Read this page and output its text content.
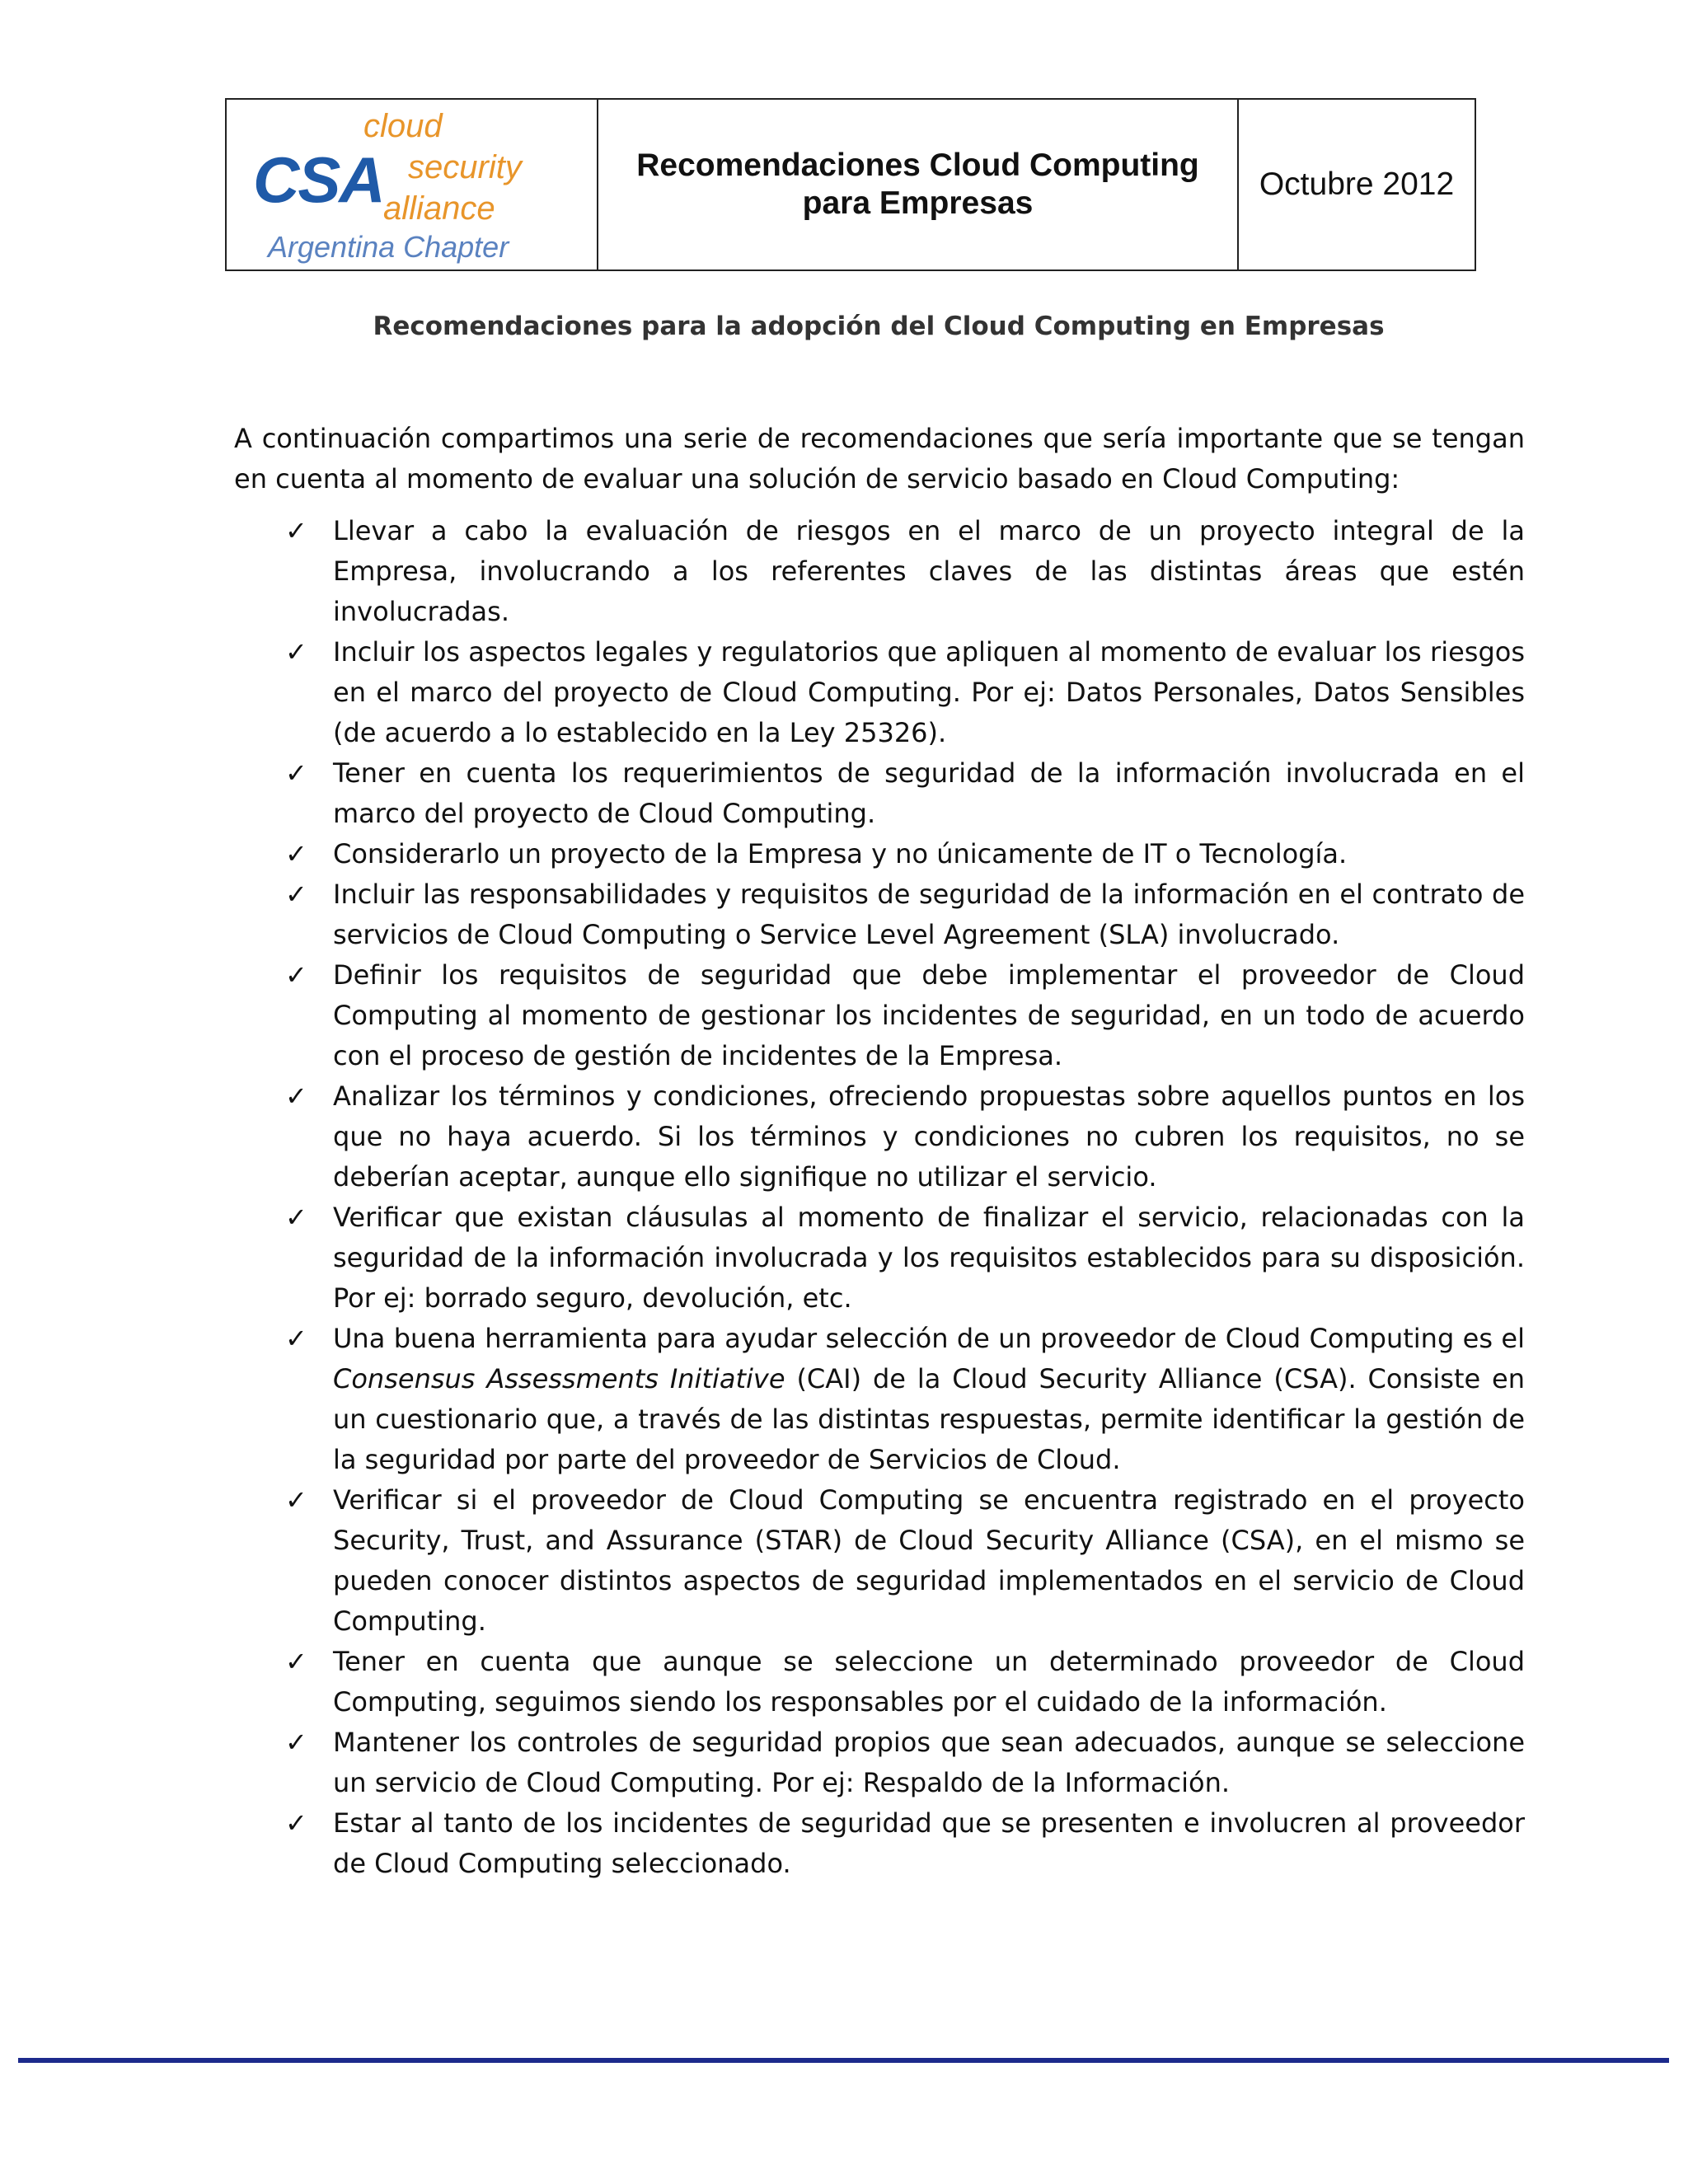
CSA
cloud
security
alliance
Argentina Chapter
Recomendaciones Cloud Computing
para Empresas
Octubre 2012
Recomendaciones para la adopción del Cloud Computing en Empresas

A continuación compartimos una serie de recomendaciones que sería importante que se tengan en cuenta al momento de evaluar una solución de servicio basado en Cloud Computing:

✓ Llevar a cabo la evaluación de riesgos en el marco de un proyecto integral de la Empresa, involucrando a los referentes claves de las distintas áreas que estén involucradas.
✓ Incluir los aspectos legales y regulatorios que apliquen al momento de evaluar los riesgos en el marco del proyecto de Cloud Computing. Por ej: Datos Personales, Datos Sensibles (de acuerdo a lo establecido en la Ley 25326).
✓ Tener en cuenta los requerimientos de seguridad de la información involucrada en el marco del proyecto de Cloud Computing.
✓ Considerarlo un proyecto de la Empresa y no únicamente de IT o Tecnología.
✓ Incluir las responsabilidades y requisitos de seguridad de la información en el contrato de servicios de Cloud Computing o Service Level Agreement (SLA) involucrado.
✓ Definir los requisitos de seguridad que debe implementar el proveedor de Cloud Computing al momento de gestionar los incidentes de seguridad, en un todo de acuerdo con el proceso de gestión de incidentes de la Empresa.
✓ Analizar los términos y condiciones, ofreciendo propuestas sobre aquellos puntos en los que no haya acuerdo. Si los términos y condiciones no cubren los requisitos, no se deberían aceptar, aunque ello signifique no utilizar el servicio.
✓ Verificar que existan cláusulas al momento de finalizar el servicio, relacionadas con la seguridad de la información involucrada y los requisitos establecidos para su disposición. Por ej: borrado seguro, devolución, etc.
✓ Una buena herramienta para ayudar selección de un proveedor de Cloud Computing es el Consensus Assessments Initiative (CAI) de la Cloud Security Alliance (CSA). Consiste en un cuestionario que, a través de las distintas respuestas, permite identificar la gestión de la seguridad por parte del proveedor de Servicios de Cloud.
✓ Verificar si el proveedor de Cloud Computing se encuentra registrado en el proyecto Security, Trust, and Assurance (STAR) de Cloud Security Alliance (CSA), en el mismo se pueden conocer distintos aspectos de seguridad implementados en el servicio de Cloud Computing.
✓ Tener en cuenta que aunque se seleccione un determinado proveedor de Cloud Computing, seguimos siendo los responsables por el cuidado de la información.
✓ Mantener los controles de seguridad propios que sean adecuados, aunque se seleccione un servicio de Cloud Computing. Por ej: Respaldo de la Información.
✓ Estar al tanto de los incidentes de seguridad que se presenten e involucren al proveedor de Cloud Computing seleccionado.
